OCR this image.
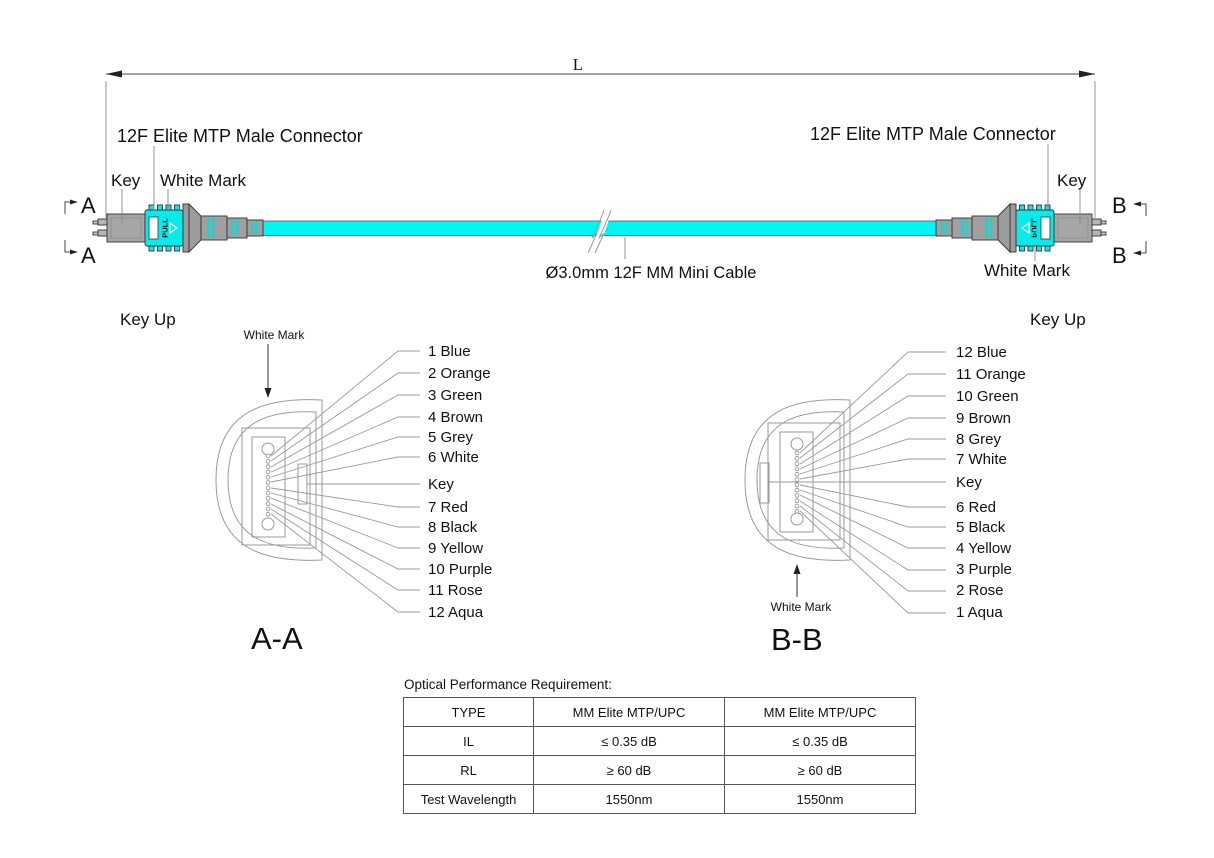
L
Ø3.0mm 12F MM Mini Cable
PULL
12F Elite MTP Male Connector
Key White Mark
PULL
12F Elite MTP Male Connector
Key
White Mark
A
A
B
B
Key Up
White Mark
1 Blue
2 Orange
3 Green
4 Brown
5 Grey
6 White
Key
7 Red
8 Black
9 Yellow
10 Purple
11 Rose
12 Aqua
A-A
Key Up
White Mark
12 Blue
11 Orange
10 Green
9 Brown
8 Grey
7 White
Key
6 Red
5 Black
4 Yellow
3 Purple
2 Rose
1 Aqua
B-B
Optical Performance Requirement:
TYPE	MM Elite MTP/UPC	MM Elite MTP/UPC
IL	≤ 0.35 dB	≤ 0.35 dB
RL	≥ 60 dB	≥ 60 dB
Test Wavelength	1550nm	1550nm
